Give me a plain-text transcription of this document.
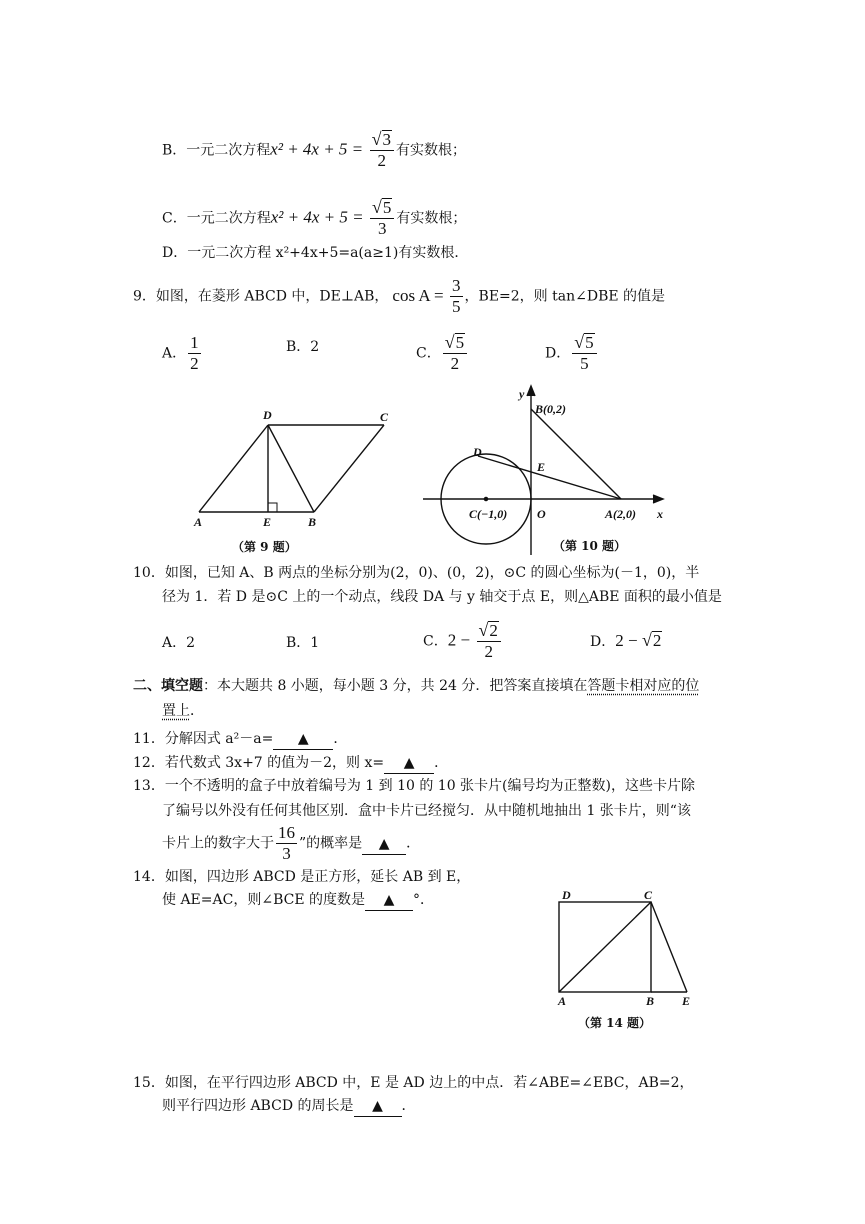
B．一元二次方程$x^2 + 4x + 5 = \frac{√ 3}{2}$ 有实数根；
C．一元二次方程$x^2 + 4x + 5 = \frac{√ 5}{3}$ 有实数根；
D．一元二次方程 x²+4x+5=a(a≥1)有实数根．
9．如图，在菱形 ABCD 中，DE⊥AB， $\cos A = \frac{3}{5}$ ，BE=2，则 tan∠DBE 的值是
A． $\frac{1}{2}$	B．2	C． $\frac{√ 5}{2}$	D． $\frac{√ 5}{5}$
D	C
A	E	B
（第 9 题）
y
B(0,2)
D
E
C(−1,0) O	A(2,0) x
（第 10 题）
10．如图，已知 A、B 两点的坐标分别为(2，0)、(0，2)，⊙C 的圆心坐标为(－1，0)，半
径为 1．若 D 是⊙C 上的一个动点，线段 DA 与 y 轴交于点 E，则△ABE 面积的最小值是
A．2	B．1	C．$2 - \frac{√ 2}{2}$	D．2 − √ 2
二、填空题：本大题共 8 小题，每小题 3 分，共 24 分．把答案直接填在答题卡相对应的位
置上．
11．分解因式 a²－a= ▲ ．
12．若代数式 3x+7 的值为－2，则 x= ▲ ．
13．一个不透明的盒子中放着编号为 1 到 10 的 10 张卡片(编号均为正整数)，这些卡片除
了编号以外没有任何其他区别．盒中卡片已经搅匀．从中随机地抽出 1 张卡片，则“该
卡片上的数字大于 $\frac{16}{3}$ ”的概率是 ▲ ．
14．如图，四边形 ABCD 是正方形，延长 AB 到 E，
使 AE=AC，则∠BCE 的度数是 ▲ °．	D	C
A	B E
（第 14 题）
15．如图，在平行四边形 ABCD 中，E 是 AD 边上的中点．若∠ABE=∠EBC，AB=2，
则平行四边形 ABCD 的周长是 ▲ ．
